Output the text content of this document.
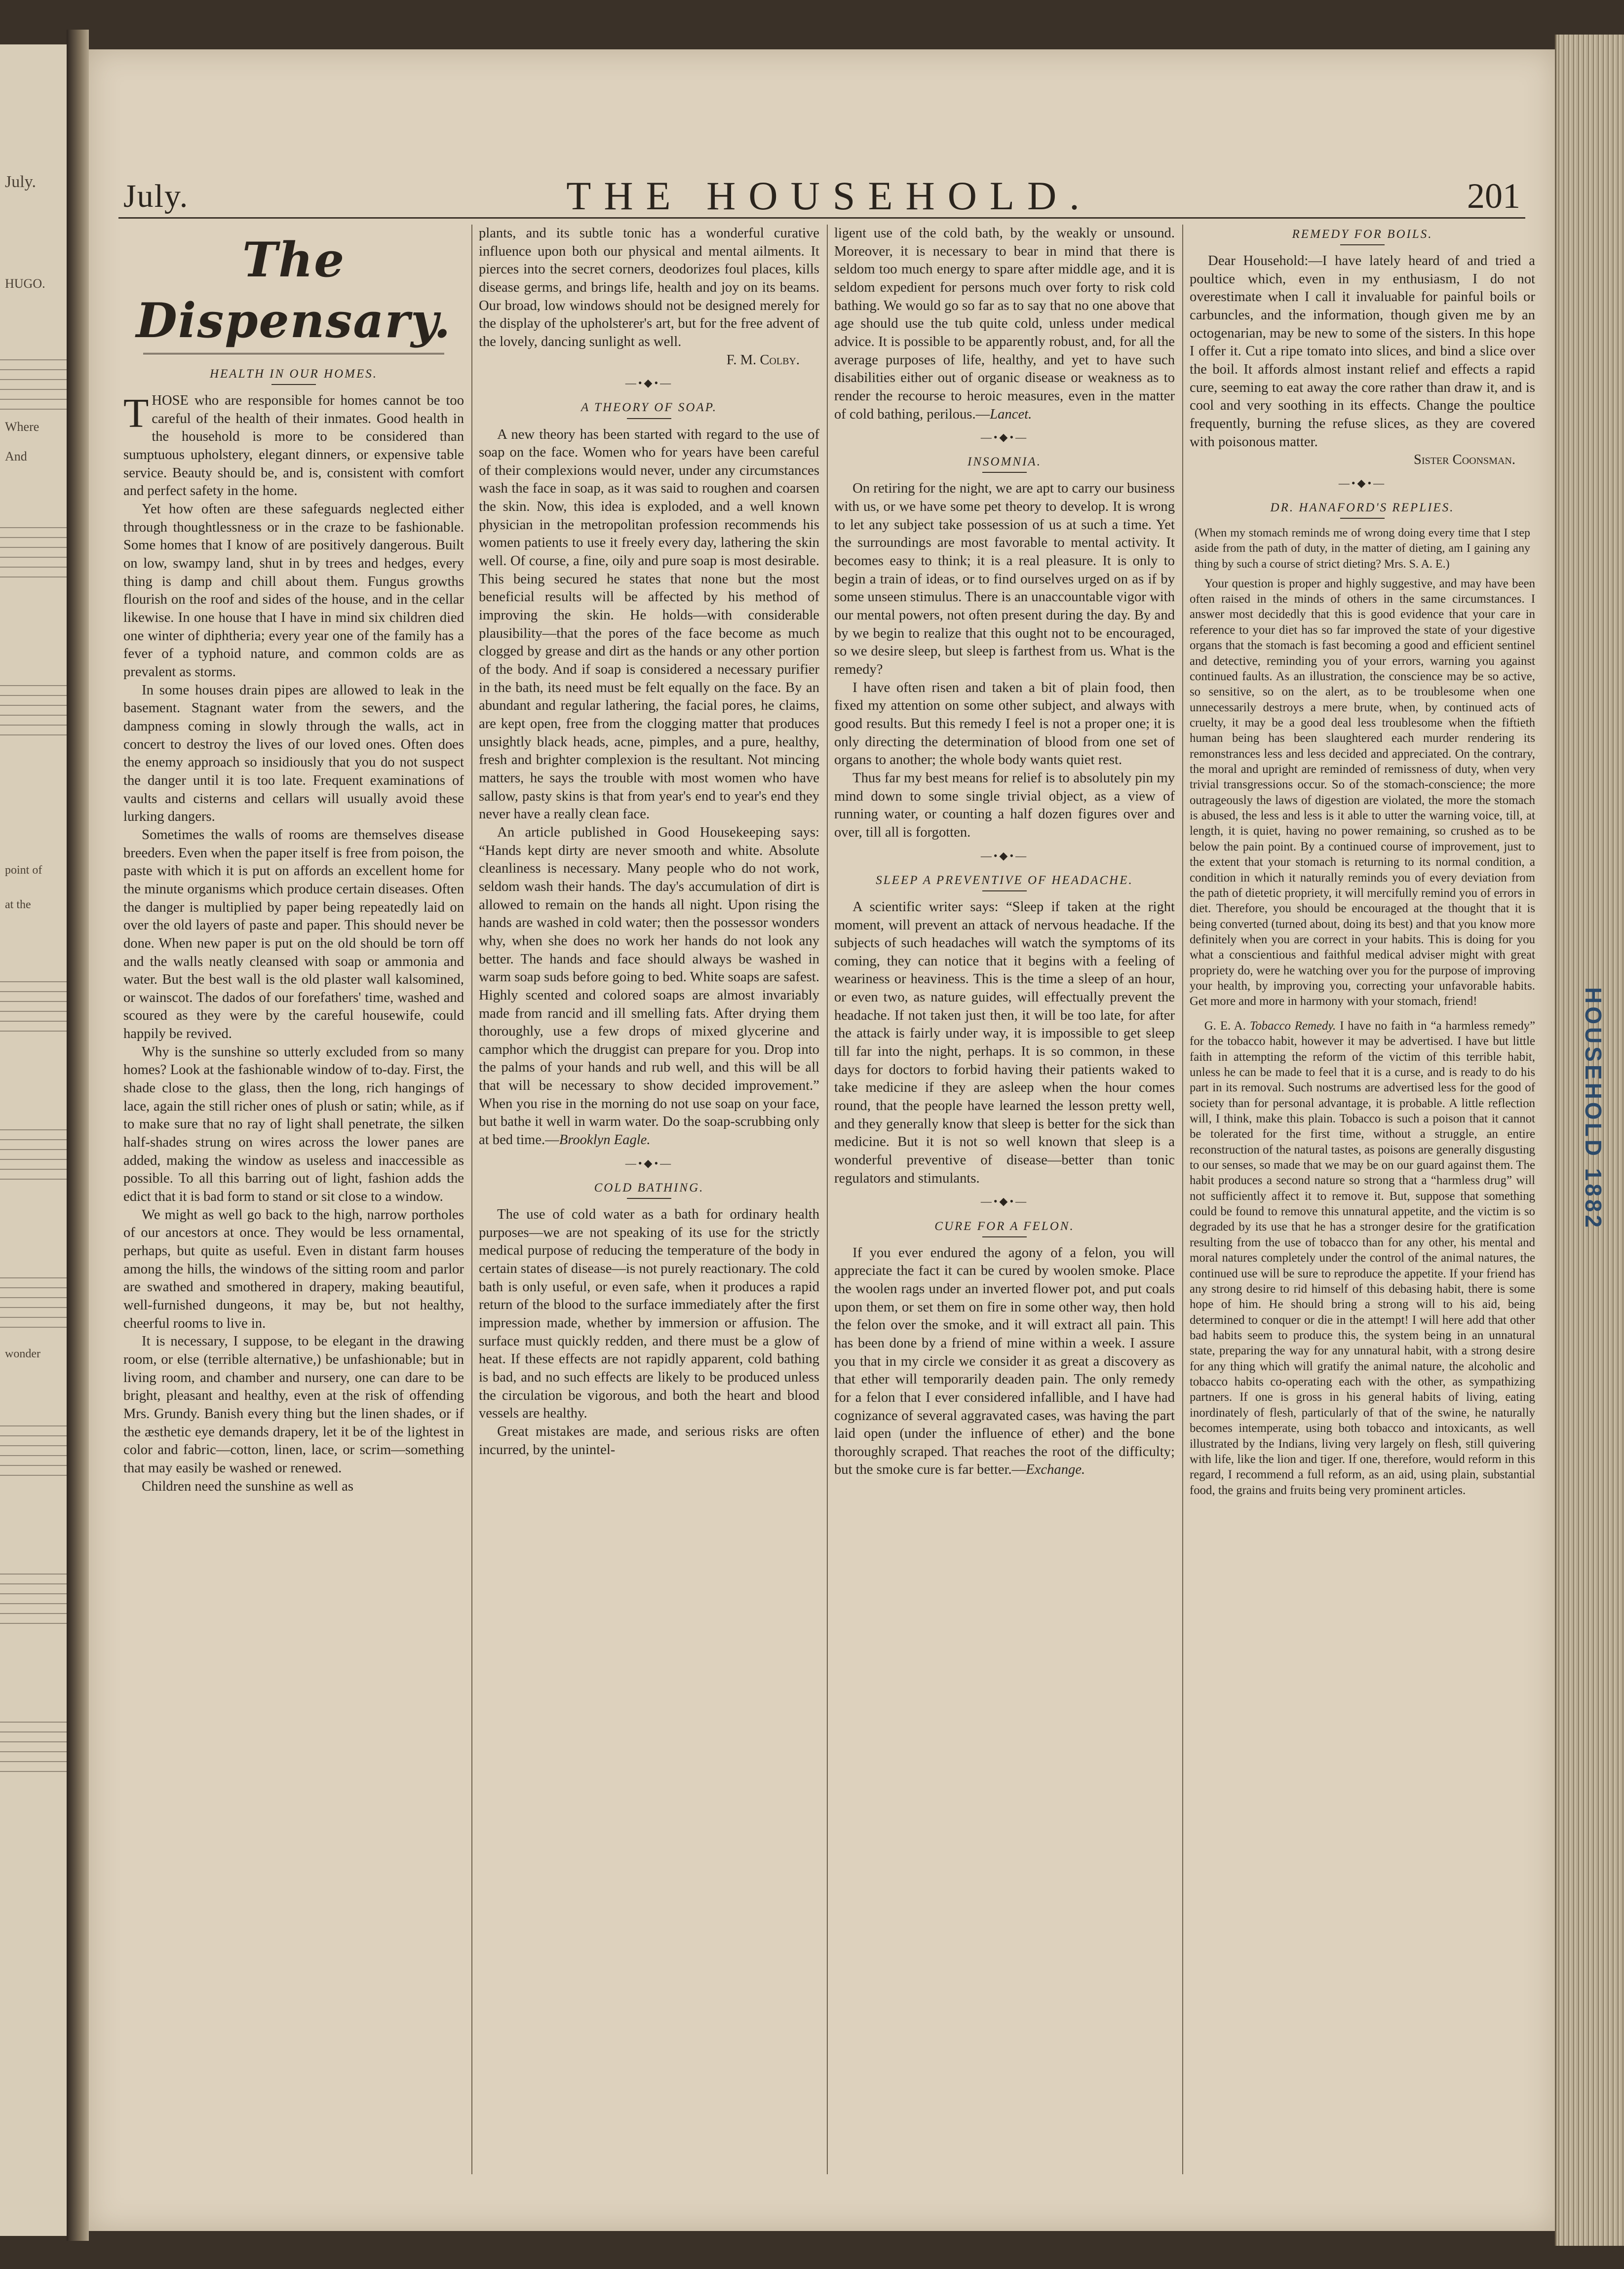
July.
HUGO.
Where
And
point of
at the
wonder
HOUSEHOLD 1882
July.	THE HOUSEHOLD.	201
The Dispensary.
HEALTH IN OUR HOMES.

THOSE who are responsible for homes cannot be too careful of the health of their inmates. Good health in the household is more to be considered than sumptuous upholstery, elegant dinners, or expensive table service. Beauty should be, and is, consistent with comfort and perfect safety in the home.

Yet how often are these safeguards neglected either through thoughtlessness or in the craze to be fashionable. Some homes that I know of are positively dangerous. Built on low, swampy land, shut in by trees and hedges, every thing is damp and chill about them. Fungus growths flourish on the roof and sides of the house, and in the cellar likewise. In one house that I have in mind six children died one winter of diphtheria; every year one of the family has a fever of a typhoid nature, and common colds are as prevalent as storms.

In some houses drain pipes are allowed to leak in the basement. Stagnant water from the sewers, and the dampness coming in slowly through the walls, act in concert to destroy the lives of our loved ones. Often does the enemy approach so insidiously that you do not suspect the danger until it is too late. Frequent examinations of vaults and cisterns and cellars will usually avoid these lurking dangers.

Sometimes the walls of rooms are themselves disease breeders. Even when the paper itself is free from poison, the paste with which it is put on affords an excellent home for the minute organisms which produce certain diseases. Often the danger is multiplied by paper being repeatedly laid on over the old layers of paste and paper. This should never be done. When new paper is put on the old should be torn off and the walls neatly cleansed with soap or ammonia and water. But the best wall is the old plaster wall kalsomined, or wainscot. The dados of our forefathers' time, washed and scoured as they were by the careful housewife, could happily be revived.

Why is the sunshine so utterly excluded from so many homes? Look at the fashionable window of to-day. First, the shade close to the glass, then the long, rich hangings of lace, again the still richer ones of plush or satin; while, as if to make sure that no ray of light shall penetrate, the silken half-shades strung on wires across the lower panes are added, making the window as useless and inaccessible as possible. To all this barring out of light, fashion adds the edict that it is bad form to stand or sit close to a window.

We might as well go back to the high, narrow portholes of our ancestors at once. They would be less ornamental, perhaps, but quite as useful. Even in distant farm houses among the hills, the windows of the sitting room and parlor are swathed and smothered in drapery, making beautiful, well-furnished dungeons, it may be, but not healthy, cheerful rooms to live in.

It is necessary, I suppose, to be elegant in the drawing room, or else (terrible alternative,) be unfashionable; but in living room, and chamber and nursery, one can dare to be bright, pleasant and healthy, even at the risk of offending Mrs. Grundy. Banish every thing but the linen shades, or if the æsthetic eye demands drapery, let it be of the lightest in color and fabric—cotton, linen, lace, or scrim—something that may easily be washed or renewed.

Children need the sunshine as well as

plants, and its subtle tonic has a wonderful curative influence upon both our physical and mental ailments. It pierces into the secret corners, deodorizes foul places, kills disease germs, and brings life, health and joy on its beams. Our broad, low windows should not be designed merely for the display of the upholsterer's art, but for the free advent of the lovely, dancing sunlight as well.

F. M. Colby.
—•◆•—
A THEORY OF SOAP.

A new theory has been started with regard to the use of soap on the face. Women who for years have been careful of their complexions would never, under any circumstances wash the face in soap, as it was said to roughen and coarsen the skin. Now, this idea is exploded, and a well known physician in the metropolitan profession recommends his women patients to use it freely every day, lathering the skin well. Of course, a fine, oily and pure soap is most desirable. This being secured he states that none but the most beneficial results will be affected by his method of improving the skin. He holds—with considerable plausibility—that the pores of the face become as much clogged by grease and dirt as the hands or any other portion of the body. And if soap is considered a necessary purifier in the bath, its need must be felt equally on the face. By an abundant and regular lathering, the facial pores, he claims, are kept open, free from the clogging matter that produces unsightly black heads, acne, pimples, and a pure, healthy, fresh and brighter complexion is the resultant. Not mincing matters, he says the trouble with most women who have sallow, pasty skins is that from year's end to year's end they never have a really clean face.

An article published in Good Housekeeping says: “Hands kept dirty are never smooth and white. Absolute cleanliness is necessary. Many people who do not work, seldom wash their hands. The day's accumulation of dirt is allowed to remain on the hands all night. Upon rising the hands are washed in cold water; then the possessor wonders why, when she does no work her hands do not look any better. The hands and face should always be washed in warm soap suds before going to bed. White soaps are safest. Highly scented and colored soaps are almost invariably made from rancid and ill smelling fats. After drying them thoroughly, use a few drops of mixed glycerine and camphor which the druggist can prepare for you. Drop into the palms of your hands and rub well, and this will be all that will be necessary to show decided improvement.” When you rise in the morning do not use soap on your face, but bathe it well in warm water. Do the soap-scrubbing only at bed time.—Brooklyn Eagle.

—•◆•—
COLD BATHING.

The use of cold water as a bath for ordinary health purposes—we are not speaking of its use for the strictly medical purpose of reducing the temperature of the body in certain states of disease—is not purely reactionary. The cold bath is only useful, or even safe, when it produces a rapid return of the blood to the surface immediately after the first impression made, whether by immersion or affusion. The surface must quickly redden, and there must be a glow of heat. If these effects are not rapidly apparent, cold bathing is bad, and no such effects are likely to be produced unless the circulation be vigorous, and both the heart and blood vessels are healthy.

Great mistakes are made, and serious risks are often incurred, by the unintel-

ligent use of the cold bath, by the weakly or unsound. Moreover, it is necessary to bear in mind that there is seldom too much energy to spare after middle age, and it is seldom expedient for persons much over forty to risk cold bathing. We would go so far as to say that no one above that age should use the tub quite cold, unless under medical advice. It is possible to be apparently robust, and, for all the average purposes of life, healthy, and yet to have such disabilities either out of organic disease or weakness as to render the recourse to heroic measures, even in the matter of cold bathing, perilous.—Lancet.

—•◆•—
INSOMNIA.

On retiring for the night, we are apt to carry our business with us, or we have some pet theory to develop. It is wrong to let any subject take possession of us at such a time. Yet the surroundings are most favorable to mental activity. It becomes easy to think; it is a real pleasure. It is only to begin a train of ideas, or to find ourselves urged on as if by some unseen stimulus. There is an unaccountable vigor with our mental powers, not often present during the day. By and by we begin to realize that this ought not to be encouraged, so we desire sleep, but sleep is farthest from us. What is the remedy?

I have often risen and taken a bit of plain food, then fixed my attention on some other subject, and always with good results. But this remedy I feel is not a proper one; it is only directing the determination of blood from one set of organs to another; the whole body wants quiet rest.

Thus far my best means for relief is to absolutely pin my mind down to some single trivial object, as a view of running water, or counting a half dozen figures over and over, till all is forgotten.

—•◆•—
SLEEP A PREVENTIVE OF HEADACHE.

A scientific writer says: “Sleep if taken at the right moment, will prevent an attack of nervous headache. If the subjects of such headaches will watch the symptoms of its coming, they can notice that it begins with a feeling of weariness or heaviness. This is the time a sleep of an hour, or even two, as nature guides, will effectually prevent the headache. If not taken just then, it will be too late, for after the attack is fairly under way, it is impossible to get sleep till far into the night, perhaps. It is so common, in these days for doctors to forbid having their patients waked to take medicine if they are asleep when the hour comes round, that the people have learned the lesson pretty well, and they generally know that sleep is better for the sick than medicine. But it is not so well known that sleep is a wonderful preventive of disease—better than tonic regulators and stimulants.

—•◆•—
CURE FOR A FELON.

If you ever endured the agony of a felon, you will appreciate the fact it can be cured by woolen smoke. Place the woolen rags under an inverted flower pot, and put coals upon them, or set them on fire in some other way, then hold the felon over the smoke, and it will extract all pain. This has been done by a friend of mine within a week. I assure you that in my circle we consider it as great a discovery as that ether will temporarily deaden pain. The only remedy for a felon that I ever considered infallible, and I have had cognizance of several aggravated cases, was having the part laid open (under the influence of ether) and the bone thoroughly scraped. That reaches the root of the difficulty; but the smoke cure is far better.—Exchange.

REMEDY FOR BOILS.

Dear Household:—I have lately heard of and tried a poultice which, even in my enthusiasm, I do not overestimate when I call it invaluable for painful boils or carbuncles, and the information, though given me by an octogenarian, may be new to some of the sisters. In this hope I offer it. Cut a ripe tomato into slices, and bind a slice over the boil. It affords almost instant relief and effects a rapid cure, seeming to eat away the core rather than draw it, and is cool and very soothing in its effects. Change the poultice frequently, burning the refuse slices, as they are covered with poisonous matter.

Sister Coonsman.
—•◆•—
DR. HANAFORD'S REPLIES.
(When my stomach reminds me of wrong doing every time that I step aside from the path of duty, in the matter of dieting, am I gaining any thing by such a course of strict dieting? Mrs. S. A. E.)

Your question is proper and highly suggestive, and may have been often raised in the minds of others in the same circumstances. I answer most decidedly that this is good evidence that your care in reference to your diet has so far improved the state of your digestive organs that the stomach is fast becoming a good and efficient sentinel and detective, reminding you of your errors, warning you against continued faults. As an illustration, the conscience may be so active, so sensitive, so on the alert, as to be troublesome when one unnecessarily destroys a mere brute, when, by continued acts of cruelty, it may be a good deal less troublesome when the fiftieth human being has been slaughtered each murder rendering its remonstrances less and less decided and appreciated. On the contrary, the moral and upright are reminded of remissness of duty, when very trivial transgressions occur. So of the stomach-conscience; the more outrageously the laws of digestion are violated, the more the stomach is abused, the less and less is it able to utter the warning voice, till, at length, it is quiet, having no power remaining, so crushed as to be below the pain point. By a continued course of improvement, just to the extent that your stomach is returning to its normal condition, a condition in which it naturally reminds you of every deviation from the path of dietetic propriety, it will mercifully remind you of errors in diet. Therefore, you should be encouraged at the thought that it is being converted (turned about, doing its best) and that you know more definitely when you are correct in your habits. This is doing for you what a conscientious and faithful medical adviser might with great propriety do, were he watching over you for the purpose of improving your health, by improving you, correcting your unfavorable habits. Get more and more in harmony with your stomach, friend!

G. E. A. Tobacco Remedy. I have no faith in “a harmless remedy” for the tobacco habit, however it may be advertised. I have but little faith in attempting the reform of the victim of this terrible habit, unless he can be made to feel that it is a curse, and is ready to do his part in its removal. Such nostrums are advertised less for the good of society than for personal advantage, it is probable. A little reflection will, I think, make this plain. Tobacco is such a poison that it cannot be tolerated for the first time, without a struggle, an entire reconstruction of the natural tastes, as poisons are generally disgusting to our senses, so made that we may be on our guard against them. The habit produces a second nature so strong that a “harmless drug” will not sufficiently affect it to remove it. But, suppose that something could be found to remove this unnatural appetite, and the victim is so degraded by its use that he has a stronger desire for the gratification resulting from the use of tobacco than for any other, his mental and moral natures completely under the control of the animal natures, the continued use will be sure to reproduce the appetite. If your friend has any strong desire to rid himself of this debasing habit, there is some hope of him. He should bring a strong will to his aid, being determined to conquer or die in the attempt! I will here add that other bad habits seem to produce this, the system being in an unnatural state, preparing the way for any unnatural habit, with a strong desire for any thing which will gratify the animal nature, the alcoholic and tobacco habits co-operating each with the other, as sympathizing partners. If one is gross in his general habits of living, eating inordinately of flesh, particularly of that of the swine, he naturally becomes intemperate, using both tobacco and intoxicants, as well illustrated by the Indians, living very largely on flesh, still quivering with life, like the lion and tiger. If one, therefore, would reform in this regard, I recommend a full reform, as an aid, using plain, substantial food, the grains and fruits being very prominent articles.
